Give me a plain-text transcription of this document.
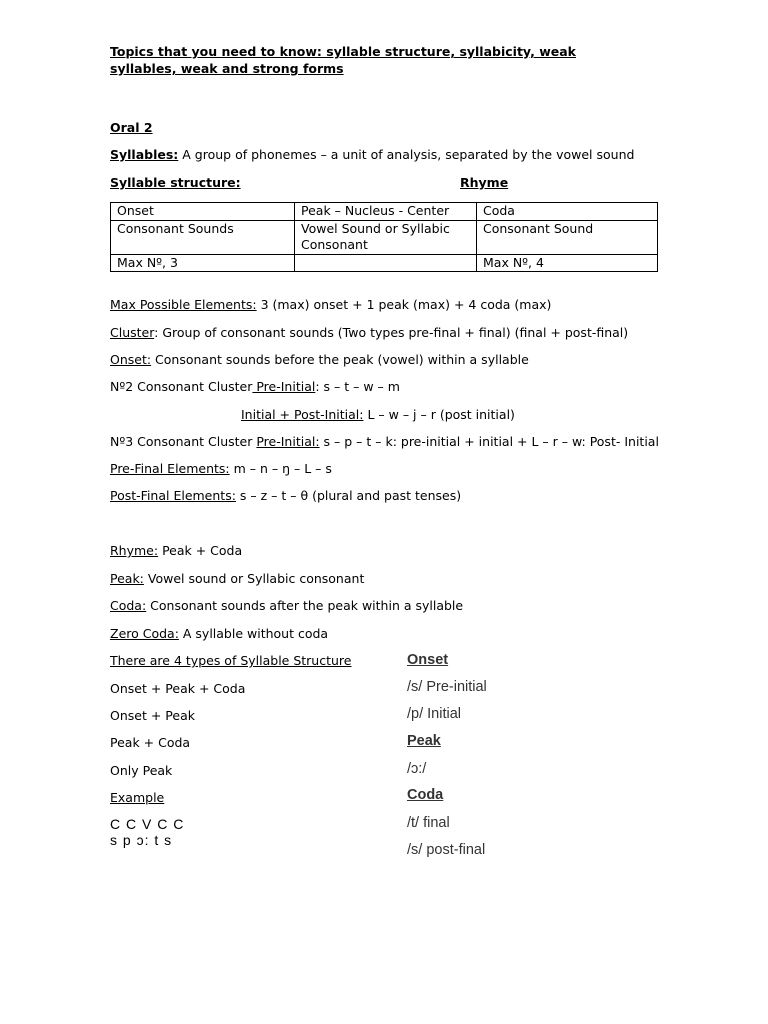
Topics that you need to know: syllable structure, syllabicity, weak syllables, weak and strong forms
Oral 2
Syllables: A group of phonemes – a unit of analysis, separated by the vowel sound
Syllable structure:	Rhyme
Onset	Peak – Nucleus - Center	Coda
Consonant Sounds	Vowel Sound or Syllabic Consonant	Consonant Sound
Max Nº, 3		Max Nº, 4
Max Possible Elements: 3 (max) onset + 1 peak (max) + 4 coda (max)
Cluster: Group of consonant sounds (Two types pre-final + final) (final + post-final)
Onset: Consonant sounds before the peak (vowel) within a syllable
Nº2 Consonant Cluster Pre-Initial: s – t – w – m
Initial + Post-Initial: L – w – j – r (post initial)
Nº3 Consonant Cluster Pre-Initial: s – p – t – k: pre-initial + initial + L – r – w: Post- Initial
Pre-Final Elements: m – n – ŋ – L – s
Post-Final Elements: s – z – t – θ (plural and past tenses)
Rhyme: Peak + Coda
Peak: Vowel sound or Syllabic consonant
Coda: Consonant sounds after the peak within a syllable
Zero Coda: A syllable without coda
There are 4 types of Syllable Structure
Onset + Peak + Coda
Onset + Peak
Peak + Coda
Only Peak
Example
C C V C C
s p ɔ: t s
Onset
/s/ Pre-initial
/p/ Initial
Peak
/ɔ:/
Coda
/t/ final
/s/ post-final
